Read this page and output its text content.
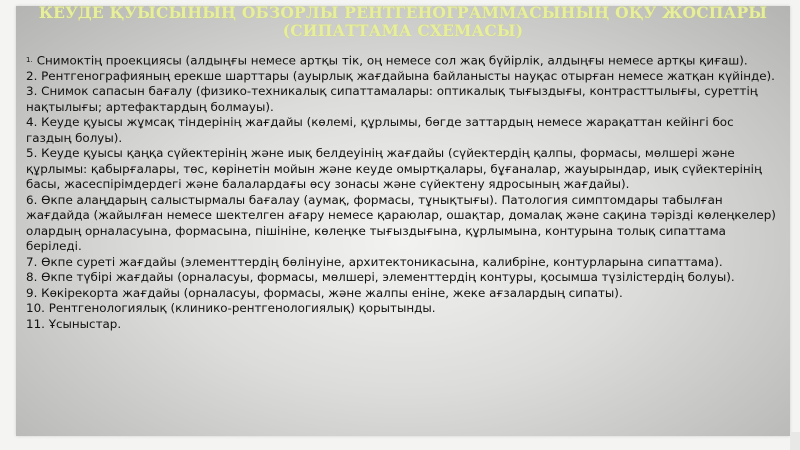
КЕУДЕ ҚУЫСЫНЫҢ ОБЗОРЛЫ РЕНТГЕНОГРАММАСЫНЫҢ ОҚУ ЖОСПАРЫ
(СИПАТТАМА СХЕМАСЫ)
1. Снимоктің проекциясы (алдыңғы немесе артқы тік, оң немесе сол жақ бүйірлік, алдыңғы немесе артқы қиғаш).
2. Рентгенографияның ерекше шарттары (ауырлық жағдайына байланысты науқас отырған немесе жатқан күйінде).
3. Снимок сапасын бағалу (физико-техникалық сипаттамалары: оптикалық тығыздығы, контрасттылығы, суреттің нақтылығы; артефактардың болмауы).
4. Кеуде қуысы жұмсақ тіндерінің жағдайы (көлемі, құрлымы, бөгде заттардың немесе жарақаттан кейінгі бос газдың болуы).
5. Кеуде қуысы қаңқа сүйектерінің және иық белдеуінің жағдайы (сүйектердің қалпы, формасы, мөлшері және құрлымы: қабырғалары, төс, көрінетін мойын және кеуде омыртқалары, бұғаналар, жауырындар, иық сүйектерінің басы, жасеспірімдердегі және балалардағы өсу зонасы және сүйектену ядросының жағдайы).
6. Өкпе алаңдарың салыстырмалы бағалау (аумақ, формасы, тұнықтығы). Патология симптомдары табылған жағдайда (жайылған немесе шектелген ағару немесе қараюлар, ошақтар, домалақ және сақина тәрізді көлеңкелер) олардың орналасуына, формасына, пішініне, көлеңке тығыздығына, құрлымына, контурына толық сипаттама беріледі.
7. Өкпе суреті жағдайы (элементтердің бөлінуіне, архитектоникасына, калибріне, контурларына сипаттама).
8. Өкпе түбірі жағдайы (орналасуы, формасы, мөлшері, элементтердің контуры, қосымша түзілістердің болуы).
9. Көкірекорта жағдайы (орналасуы, формасы, және жалпы еніне, жеке ағзалардың сипаты).
10. Рентгенологиялық (клинико-рентгенологиялық) қорытынды.
11. Ұсыныстар.
